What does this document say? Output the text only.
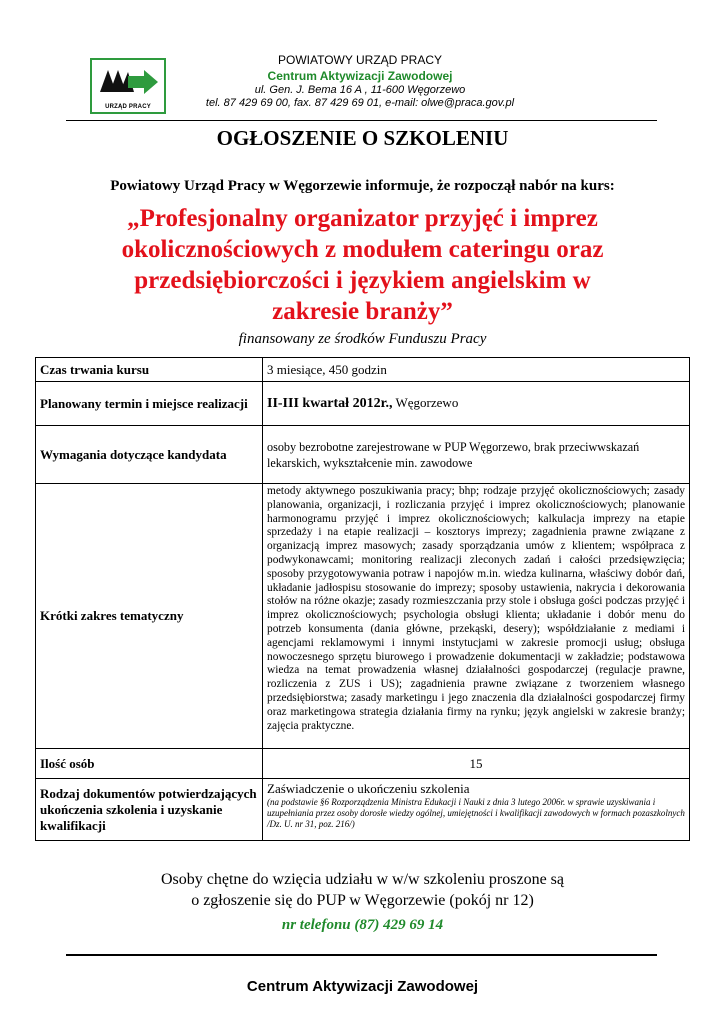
URZĄD PRACY
POWIATOWY URZĄD PRACY
Centrum Aktywizacji Zawodowej
ul. Gen. J. Bema 16 A , 11-600 Węgorzewo
tel. 87 429 69 00, fax. 87 429 69 01, e-mail: olwe@praca.gov.pl
OGŁOSZENIE O SZKOLENIU
Powiatowy Urząd Pracy w Węgorzewie informuje, że rozpoczął nabór na kurs:
„Profesjonalny organizator przyjęć i imprez okolicznościowych z modułem cateringu oraz przedsiębiorczości i językiem angielskim w zakresie branży”
finansowany ze środków Funduszu Pracy
Czas trwania kursu	3 miesiące, 450 godzin
Planowany termin i miejsce realizacji	II-III kwartał 2012r., Węgorzewo
Wymagania dotyczące kandydata	osoby bezrobotne zarejestrowane w PUP Węgorzewo, brak przeciwwskazań lekarskich, wykształcenie min. zawodowe
Krótki zakres tematyczny	metody aktywnego poszukiwania pracy; bhp; rodzaje przyjęć okolicznościowych; zasady planowania, organizacji, i rozliczania przyjęć i imprez okolicznościowych; planowanie harmonogramu przyjęć i imprez okolicznościowych; kalkulacja imprezy na etapie sprzedaży i na etapie realizacji – kosztorys imprezy; zagadnienia prawne związane z organizacją imprez masowych; zasady sporządzania umów z klientem; współpraca z podwykonawcami; monitoring realizacji zleconych zadań i całości przedsięwzięcia; sposoby przygotowywania potraw i napojów m.in. wiedza kulinarna, właściwy dobór dań, układanie jadłospisu stosowanie do imprezy; sposoby ustawienia, nakrycia i dekorowania stołów na różne okazje; zasady rozmieszczania przy stole i obsługa gości podczas przyjęć i imprez okolicznościowych; psychologia obsługi klienta; układanie i dobór menu do potrzeb konsumenta (dania główne, przekąski, desery); współdziałanie z mediami i agencjami reklamowymi i innymi instytucjami w zakresie promocji usług; obsługa nowoczesnego sprzętu biurowego i prowadzenie dokumentacji w zakładzie; podstawowa wiedza na temat prowadzenia własnej działalności gospodarczej (regulacje prawne, rozliczenia z ZUS i US); zagadnienia prawne związane z tworzeniem własnego przedsiębiorstwa; zasady marketingu i jego znaczenia dla działalności gospodarczej firmy oraz marketingowa strategia działania firmy na rynku; język angielski w zakresie branży; zajęcia praktyczne.
Ilość osób	15
Rodzaj dokumentów potwierdzających ukończenia szkolenia i uzyskanie kwalifikacji	Zaświadczenie o ukończeniu szkolenia
(na podstawie §6 Rozporządzenia Ministra Edukacji i Nauki z dnia 3 lutego 2006r. w sprawie uzyskiwania i uzupełniania przez osoby dorosłe wiedzy ogólnej, umiejętności i kwalifikacji zawodowych w formach pozaszkolnych /Dz. U. nr 31, poz. 216/)
Osoby chętne do wzięcia udziału w w/w szkoleniu proszone są
o zgłoszenie się do PUP w Węgorzewie (pokój nr 12)
nr telefonu (87) 429 69 14
Centrum Aktywizacji Zawodowej
